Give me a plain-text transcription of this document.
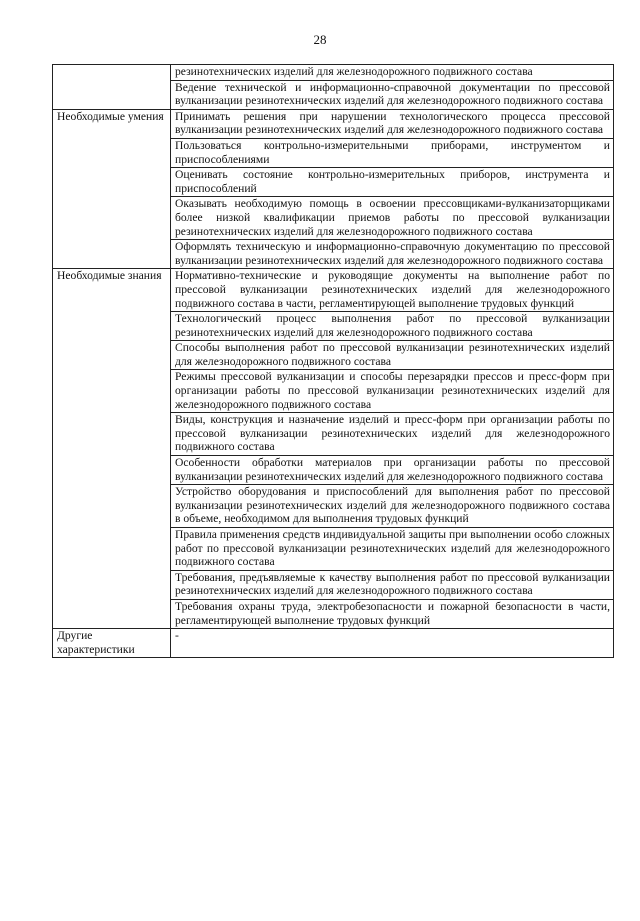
28
	резинотехнических изделий для железнодорожного подвижного состава
	Ведение технической и информационно-справочной документации по прессовой вулканизации резинотехнических изделий для железнодорожного подвижного состава
Необходимые умения	Принимать решения при нарушении технологического процесса прессовой вулканизации резинотехнических изделий для железнодорожного подвижного состава
	Пользоваться контрольно-измерительными приборами, инструментом и приспособлениями
	Оценивать состояние контрольно-измерительных приборов, инструмента и приспособлений
	Оказывать необходимую помощь в освоении прессовщиками-вулканизаторщиками более низкой квалификации приемов работы по прессовой вулканизации резинотехнических изделий для железнодорожного подвижного состава
	Оформлять техническую и информационно-справочную документацию по прессовой вулканизации резинотехнических изделий для железнодорожного подвижного состава
Необходимые знания	Нормативно-технические и руководящие документы на выполнение работ по прессовой вулканизации резинотехнических изделий для железнодорожного подвижного состава в части, регламентирующей выполнение трудовых функций
	Технологический процесс выполнения работ по прессовой вулканизации резинотехнических изделий для железнодорожного подвижного состава
	Способы выполнения работ по прессовой вулканизации резинотехнических изделий для железнодорожного подвижного состава
	Режимы прессовой вулканизации и способы перезарядки прессов и пресс-форм при организации работы по прессовой вулканизации резинотехнических изделий для железнодорожного подвижного состава
	Виды, конструкция и назначение изделий и пресс-форм при организации работы по прессовой вулканизации резинотехнических изделий для железнодорожного подвижного состава
	Особенности обработки материалов при организации работы по прессовой вулканизации резинотехнических изделий для железнодорожного подвижного состава
	Устройство оборудования и приспособлений для выполнения работ по прессовой вулканизации резинотехнических изделий для железнодорожного подвижного состава в объеме, необходимом для выполнения трудовых функций
	Правила применения средств индивидуальной защиты при выполнении особо сложных работ по прессовой вулканизации резинотехнических изделий для железнодорожного подвижного состава
	Требования, предъявляемые к качеству выполнения работ по прессовой вулканизации резинотехнических изделий для железнодорожного подвижного состава
	Требования охраны труда, электробезопасности и пожарной безопасности в части, регламентирующей выполнение трудовых функций
Другие характеристики	-
